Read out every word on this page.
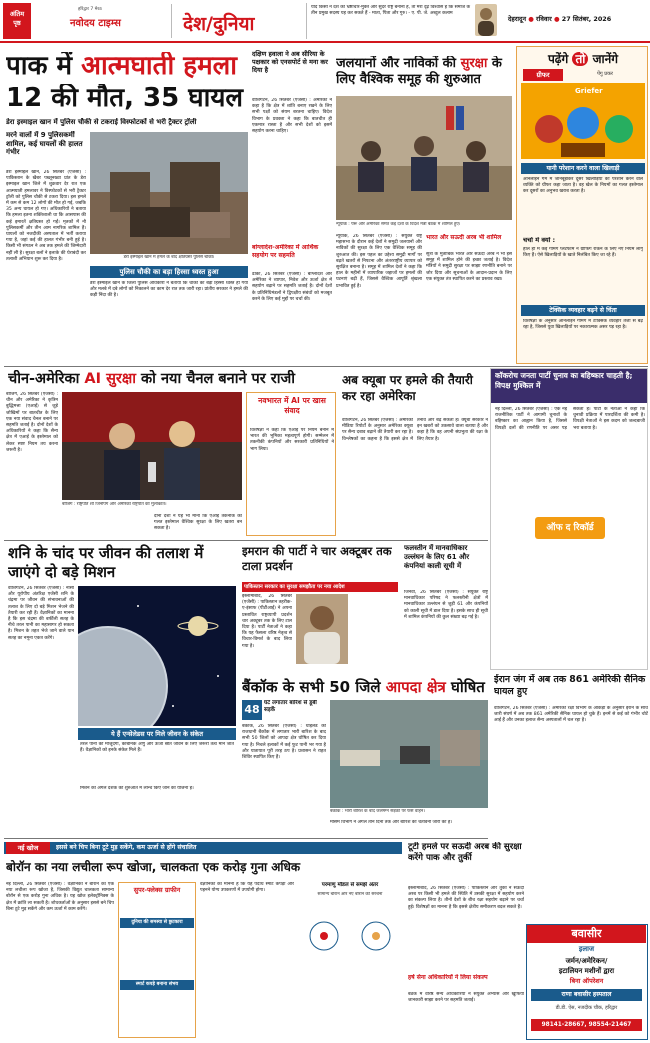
अंतिम पृष्ठ
हरिद्वार 7 मेरठ
नवोदय टाइम्स	देश/दुनिया
यदि किसी ने देश को भ्रष्टाचार-मुक्त और सुंदर राष्ट्र बनाना है, तो मेरा दृढ़ विश्वास है कि समाज के तीन प्रमुख सदस्य यह कर सकते हैं - माता, पिता और गुरु। - ए. पी. जे. अब्दुल कलाम
देहरादून ● रविवार ● 27 सितंबर, 2026
पाक में आत्मघाती हमला
12 की मौत, 35 घायल
डेरा इस्माइल खान में पुलिस चौकी से टकराई विस्फोटकों से भरी ट्रैक्टर ट्रॉली
मरने वालों में 9 पुलिसकर्मी शामिल, कई घायलों की हालत गंभीर
डेरा इस्माइल खान, 26 सितंबर (एजेंसी) : पाकिस्तान के खैबर पख्तूनख्वा प्रांत के डेरा इस्माइल खान जिले में शुक्रवार देर रात एक आत्मघाती हमलावर ने विस्फोटकों से भरी ट्रैक्टर ट्रॉली को पुलिस चौकी से टकरा दिया। इस हमले में कम से कम 12 लोगों की मौत हो गई, जबकि 35 अन्य घायल हो गए। अधिकारियों ने बताया कि हमला इतना शक्तिशाली था कि आसपास की कई इमारतें क्षतिग्रस्त हो गईं। मृतकों में नौ पुलिसकर्मी और तीन आम नागरिक शामिल हैं। घायलों को नजदीकी अस्पताल में भर्ती कराया गया है, जहां कई की हालत गंभीर बनी हुई है। किसी भी संगठन ने अब तक हमले की जिम्मेदारी नहीं ली है। सुरक्षा बलों ने इलाके की घेराबंदी कर तलाशी अभियान शुरू कर दिया है।	डेरा इस्माइल खान में हमले के बाद क्षतिग्रस्त पुलिस चौकी।
पुलिस चौकी का बड़ा हिस्सा ध्वस्त हुआ
डेरा इस्माइल खान के जिला पुलिस अधिकारी ने बताया कि चौकी का बड़ा हिस्सा ध्वस्त हो गया और मलबे में दबे लोगों को निकालने का काम देर रात तक जारी रहा। प्रांतीय सरकार ने हमले की कड़ी निंदा की है।
दक्षिण हवाला ने अब सीरिया के पक्षकार को एनसपोर्ट से मना कर दिया है
वाशिंगटन, 26 सितंबर (एजेंसी) : अमेरिका ने कहा है कि क्षेत्र में शांति बनाए रखने के लिए सभी पक्षों को संयम बरतना चाहिए। विदेश विभाग के प्रवक्ता ने कहा कि बातचीत ही एकमात्र रास्ता है और सभी देशों को इसमें सहयोग करना चाहिए।
बांग्लादेश-अमेरिका में आर्थिक सहयोग पर सहमति
ढाका, 26 सितंबर (एजेंसी) : बांग्लादेश और अमेरिका ने व्यापार, निवेश और ऊर्जा क्षेत्र में सहयोग बढ़ाने पर सहमति जताई है। दोनों देशों के प्रतिनिधिमंडलों ने द्विपक्षीय संबंधों को मजबूत करने के लिए कई मुद्दों पर चर्चा की।
जलयानों और नाविकों की सुरक्षा के लिए वैश्विक समूह की शुरुआत
न्यूयार्क : पेरू और अमेरिका समेत कई देशों के विदेश मंत्री बैठक में शामिल हुए।
न्यूयार्क, 26 सितंबर (एजेंसी) : संयुक्त राष्ट्र महासभा के दौरान कई देशों ने समुद्री जलयानों और नाविकों की सुरक्षा के लिए एक वैश्विक समूह की शुरुआत की। इस पहल का उद्देश्य समुद्री मार्गों पर बढ़ते खतरों से निपटना और अंतरराष्ट्रीय व्यापार को सुरक्षित बनाना है। समूह में शामिल देशों ने कहा कि हाल के महीनों में व्यापारिक जहाजों पर हमलों की घटनाएं बढ़ी हैं, जिससे वैश्विक आपूर्ति श्रृंखला प्रभावित हुई है।
भारत और सऊदी अरब भी शामिल
सूत्रों के मुताबिक भारत और सऊदी अरब ने भी इस समूह में शामिल होने की इच्छा जताई है। विदेश मंत्रियों ने समुद्री सुरक्षा पर साझा रणनीति बनाने पर जोर दिया और सूचनाओं के आदान-प्रदान के लिए एक संयुक्त तंत्र स्थापित करने का प्रस्ताव रखा।
पढ़ेंगे तो जानेंगे
ग्रीफर	पेंगु प्रकर
Griefer
यानी परेशान करने वाला खिलाड़ी
ऑनलाइन गेम में जानबूझकर दूसरे खिलाड़ियों को परेशान करने वाले व्यक्ति को ग्रीफर कहा जाता है। वह खेल के नियमों का गलत इस्तेमाल कर दूसरों का अनुभव खराब करता है।
चर्चा में क्यों :
हाल ही में कई गेमिंग प्लेटफॉर्म ने ग्रीफिंग रोकने के लिए नए नियम लागू किए हैं। ऐसे खिलाड़ियों के खाते निलंबित किए जा रहे हैं।
टेक्सिक व्यवहार बढ़ने से चिंता
विशेषज्ञों के अनुसार ऑनलाइन गेमिंग में टॉक्सिक व्यवहार तेजी से बढ़ रहा है, जिससे युवा खिलाड़ियों पर नकारात्मक असर पड़ रहा है।
चीन-अमेरिका AI सुरक्षा को नया चैनल बनाने पर राजी
बीजिंग, 26 सितंबर (एजेंसी) : चीन और अमेरिका ने कृत्रिम बुद्धिमत्ता (एआई) से जुड़े जोखिमों पर बातचीत के लिए एक नया संवाद चैनल बनाने पर सहमति जताई है। दोनों देशों के अधिकारियों ने कहा कि सैन्य क्षेत्र में एआई के इस्तेमाल को लेकर स्पष्ट नियम तय करना जरूरी है।
बीजिंग : राष्ट्रपति शी जिनपिंग और अमेरिकी राष्ट्रपति की मुलाकात।
दोनों देशों ने यह भी माना कि एआई तकनीक का गलत इस्तेमाल वैश्विक सुरक्षा के लिए खतरा बन सकता है।
नवभारत में AI पर खास संवाद
विशेषज्ञों ने कहा कि एआई पर नियम बनाने में भारत की भूमिका महत्वपूर्ण होगी। सम्मेलन में तकनीकी कंपनियों और सरकारी प्रतिनिधियों ने भाग लिया।
अब क्यूबा पर हमले की तैयारी कर रहा अमेरिका
वाशिंगटन, 26 सितंबर (एजेंसी) : अमेरिकी मीडिया रिपोर्टों के अनुसार अमेरिका क्यूबा पर सैन्य दबाव बढ़ाने की तैयारी कर रहा है। विश्लेषकों का कहना है कि इससे क्षेत्र में तनाव और बढ़ सकता है। क्यूबा सरकार ने इन खबरों को उकसावे वाला बताया है और कहा है कि वह अपनी संप्रभुता की रक्षा के लिए तैयार है।
कॉकरोच जनता पार्टी चुनाव का बहिष्कार चाहती है; विपक्ष मुश्किल में
नई दिल्ली, 26 सितंबर (एजेंसी) : एक नई राजनीतिक पार्टी ने आगामी चुनावों के बहिष्कार का आह्वान किया है, जिससे विपक्षी दलों की रणनीति पर असर पड़ सकता है। पार्टी के नेताओं ने कहा कि चुनावी प्रक्रिया में पारदर्शिता की कमी है। विपक्षी नेताओं ने इस कदम को जल्दबाजी भरा बताया है।
ऑफ द रिकॉर्ड
शनि के चांद पर जीवन की तलाश में जाएंगे दो बड़े मिशन
वाशिंगटन, 26 सितंबर (एजेंसी) : नासा और यूरोपीय अंतरिक्ष एजेंसी शनि के चंद्रमा पर जीवन की संभावनाओं की तलाश के लिए दो बड़े मिशन भेजने की तैयारी कर रही हैं। वैज्ञानिकों का मानना है कि इस चंद्रमा की बर्फीली सतह के नीचे तरल पानी का महासागर हो सकता है। मिशन के तहत भेजे जाने वाले यान सतह का नमूना एकत्र करेंगे।
ये हैं एन्सेलेडस पर मिले जीवन के संकेत
तरल पानी की मौजूदगी, कार्बनिक अणु और ऊर्जा स्रोत जीवन के लिए जरूरी तत्व माने जाते हैं। वैज्ञानिकों को इनके संकेत मिले हैं।
मिशन को अगले दशक की शुरुआत में लॉन्च किए जाने की योजना है।
इमरान की पार्टी ने चार अक्टूबर तक टाला प्रदर्शन
पाकिस्तान सरकार का सुरक्षा समझौता पर नया आदेश
इस्लामाबाद, 26 सितंबर (एजेंसी) : पाकिस्तान तहरीक-ए-इंसाफ (पीटीआई) ने अपना प्रस्तावित राष्ट्रव्यापी प्रदर्शन चार अक्टूबर तक के लिए टाल दिया है। पार्टी नेताओं ने कहा कि यह फैसला वरिष्ठ नेतृत्व से विचार-विमर्श के बाद लिया गया है।
फलस्तीन में मानवाधिकार उल्लंघन के लिए 61 और कंपनियां काली सूची में
जिनेवा, 26 सितंबर (एजेंसी) : संयुक्त राष्ट्र मानवाधिकार परिषद ने फलस्तीनी क्षेत्रों में मानवाधिकार उल्लंघन से जुड़ी 61 और कंपनियों को काली सूची में डाल दिया है। इसके साथ ही सूची में शामिल कंपनियों की कुल संख्या बढ़ गई है।
बैंकॉक के सभी 50 जिले आपदा क्षेत्र घोषित
48 घंटे लगातार बारिश से डूबी सड़कें
बैंकॉक, 26 सितंबर (एजेंसी) : थाईलैंड की राजधानी बैंकॉक में लगातार भारी बारिश के बाद सभी 50 जिलों को आपदा क्षेत्र घोषित कर दिया गया है। निचले इलाकों में कई फुट पानी भर गया है और यातायात पूरी तरह ठप है। प्रशासन ने राहत शिविर स्थापित किए हैं।
बैंकॉक : भारी बारिश के बाद जलमग्न सड़कों पर फंसे वाहन।
मौसम विभाग ने अगले तीन दिनों तक और बारिश की चेतावनी जारी की है।
ईरान जंग में अब तक 861 अमेरिकी सैनिक घायल हुए
वाशिंगटन, 26 सितंबर (एजेंसी) : अमेरिकी रक्षा विभाग के आंकड़ों के अनुसार ईरान के साथ जारी संघर्ष में अब तक 861 अमेरिकी सैनिक घायल हो चुके हैं। इनमें से कई को गंभीर चोटें आई हैं और उनका इलाज सैन्य अस्पतालों में चल रहा है।
नई खोज	इससे बने चिप बिना टूटे मुड़ सकेंगे, कम ऊर्जा से होंगे संचालित
बोरॉन का नया लचीला रूप खोजा, चालकता एक करोड़ गुना अधिक
नई दिल्ली, 26 सितंबर (एजेंसी) : वैज्ञानिकों ने बोरॉन का एक नया लचीला रूप खोजा है, जिसकी विद्युत चालकता सामान्य बोरॉन से एक करोड़ गुना अधिक है। यह खोज इलेक्ट्रॉनिक्स के क्षेत्र में क्रांति ला सकती है। शोधकर्ताओं के अनुसार इससे बने चिप बिना टूटे मुड़ सकेंगे और कम ऊर्जा में काम करेंगे।
सुपर-फ्लेक्स ग्राफीन
दुनिया की समस्या से छुटकारा
स्मार्ट कपड़े बनाना संभव
वैज्ञानिकों का मानना है कि यह पदार्थ स्मार्ट कपड़ों और पहनने योग्य उपकरणों में उपयोगी होगा।
परमाणु मॉडल से समझें अंतर
सामान्य बोरॉन और नए बोरॉन की संरचना
टूटी हमले पर सऊदी अरब की सुरक्षा करेंगे पाक और तुर्की
इस्लामाबाद, 26 सितंबर (एजेंसी) : पाकिस्तान और तुर्की ने सऊदी अरब पर किसी भी हमले की स्थिति में उसकी सुरक्षा में सहयोग करने का संकल्प लिया है। तीनों देशों के बीच रक्षा सहयोग बढ़ाने पर चर्चा हुई। विशेषज्ञों का मानना है कि इससे क्षेत्रीय समीकरण बदल सकते हैं।
हर्ष सेना अधिकारियों ने लिया संकल्प
बैठक में वरिष्ठ सैन्य अधिकारियों ने संयुक्त अभ्यास और खुफिया जानकारी साझा करने पर सहमति जताई।
बवासीर
इलाज
जर्मन/अमेरिकन/
इटालियन मशीनों द्वारा
बिना ऑपरेशन
राणा बवासीर हस्पताल
डी.डी. ऐस, नजदीक चौक, हरिद्वार
98141-28667, 98554-21467
